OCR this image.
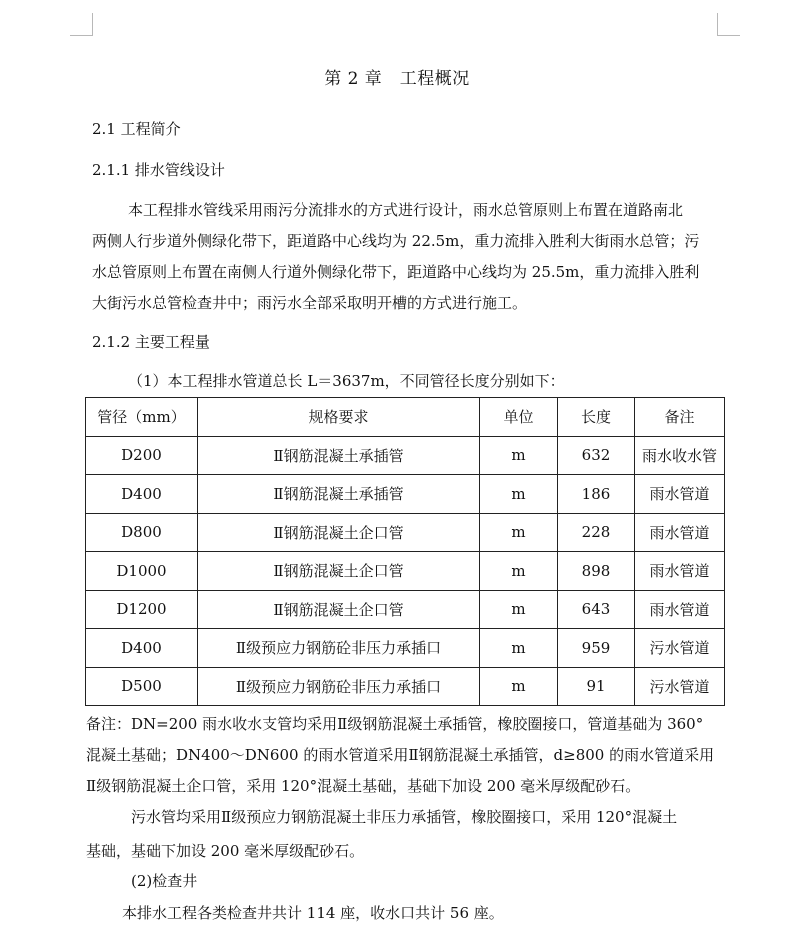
第 2 章　工程概况
2.1 工程简介
2.1.1 排水管线设计
本工程排水管线采用雨污分流排水的方式进行设计，雨水总管原则上布置在道路南北
两侧人行步道外侧绿化带下，距道路中心线均为 22.5m，重力流排入胜利大街雨水总管；污
水总管原则上布置在南侧人行道外侧绿化带下，距道路中心线均为 25.5m，重力流排入胜利
大街污水总管检查井中；雨污水全部采取明开槽的方式进行施工。
2.1.2 主要工程量
（1）本工程排水管道总长 L＝3637m，不同管径长度分别如下：
管径（mm）	规格要求	单位	长度	备注
D200	Ⅱ钢筋混凝土承插管	m	632	雨水收水管
D400	Ⅱ钢筋混凝土承插管	m	186	雨水管道
D800	Ⅱ钢筋混凝土企口管	m	228	雨水管道
D1000	Ⅱ钢筋混凝土企口管	m	898	雨水管道
D1200	Ⅱ钢筋混凝土企口管	m	643	雨水管道
D400	Ⅱ级预应力钢筋砼非压力承插口	m	959	污水管道
D500	Ⅱ级预应力钢筋砼非压力承插口	m	91	污水管道
备注：DN=200 雨水收水支管均采用Ⅱ级钢筋混凝土承插管，橡胶圈接口，管道基础为 360°
混凝土基础；DN400～DN600 的雨水管道采用Ⅱ钢筋混凝土承插管，d≥800 的雨水管道采用
Ⅱ级钢筋混凝土企口管，采用 120°混凝土基础，基础下加设 200 毫米厚级配砂石。
污水管均采用Ⅱ级预应力钢筋混凝土非压力承插管，橡胶圈接口，采用 120°混凝土
基础，基础下加设 200 毫米厚级配砂石。
(2)检查井
本排水工程各类检查井共计 114 座，收水口共计 56 座。
